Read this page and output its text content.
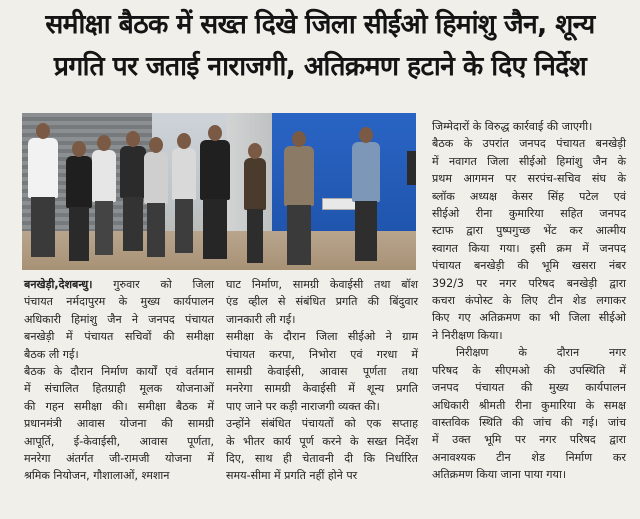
समीक्षा बैठक में सख्त दिखे जिला सीईओ हिमांशु जैन, शून्य
प्रगति पर जताई नाराजगी, अतिक्रमण हटाने के दिए निर्देश

बनखेड़ी,देशबन्धु। गुरुवार को जिला

पंचायत नर्मदापुरम के मुख्य कार्यपालन
अधिकारी हिमांशु जैन ने जनपद पंचायत
बनखेड़ी में पंचायत सचिवों की समीक्षा
बैठक ली गई।
बैठक के दौरान निर्माण कार्यों एवं वर्तमान
में संचालित हितग्राही मूलक योजनाओं
की गहन समीक्षा की। समीक्षा बैठक में
प्रधानमंत्री आवास योजना की सामग्री
आपूर्ति, ई-केवाईसी, आवास पूर्णता,
मनरेगा अंतर्गत जी-रामजी योजना में
श्रमिक नियोजन, गौशालाओं, श्मशान
घाट निर्माण, सामग्री केवाईसी तथा बॉश
एंड व्हील से संबंधित प्रगति की बिंदुवार
जानकारी ली गई।
समीक्षा के दौरान जिला सीईओ ने ग्राम
पंचायत करपा, निभोरा एवं गरधा में
सामग्री केवाईसी, आवास पूर्णता तथा
मनरेगा सामग्री केवाईसी में शून्य प्रगति
पाए जाने पर कड़ी नाराजगी व्यक्त की।
उन्होंने संबंधित पंचायतों को एक सप्ताह
के भीतर कार्य पूर्ण करने के सख्त निर्देश
दिए, साथ ही चेतावनी दी कि निर्धारित
समय-सीमा में प्रगति नहीं होने पर
जिम्मेदारों के विरुद्ध कार्रवाई की जाएगी।
बैठक के उपरांत जनपद पंचायत बनखेड़ी
में नवागत जिला सीईओ हिमांशु जैन के
प्रथम आगमन पर सरपंच-सचिव संघ के
ब्लॉक अध्यक्ष केसर सिंह पटेल एवं
सीईओ रीना कुमारिया सहित जनपद
स्टाफ द्वारा पुष्पगुच्छ भेंट कर आत्मीय
स्वागत किया गया। इसी क्रम में जनपद
पंचायत बनखेड़ी की भूमि खसरा नंबर
392/3 पर नगर परिषद बनखेड़ी द्वारा
कचरा कंपोस्ट के लिए टीन शेड लगाकर
किए गए अतिक्रमण का भी जिला सीईओ
ने निरीक्षण किया।
निरीक्षण के दौरान नगर
परिषद के सीएमओ की उपस्थिति में
जनपद पंचायत की मुख्य कार्यपालन
अधिकारी श्रीमती रीना कुमारिया के समक्ष
वास्तविक स्थिति की जांच की गई। जांच
में उक्त भूमि पर नगर परिषद द्वारा
अनावश्यक टीन शेड निर्माण कर
अतिक्रमण किया जाना पाया गया।
